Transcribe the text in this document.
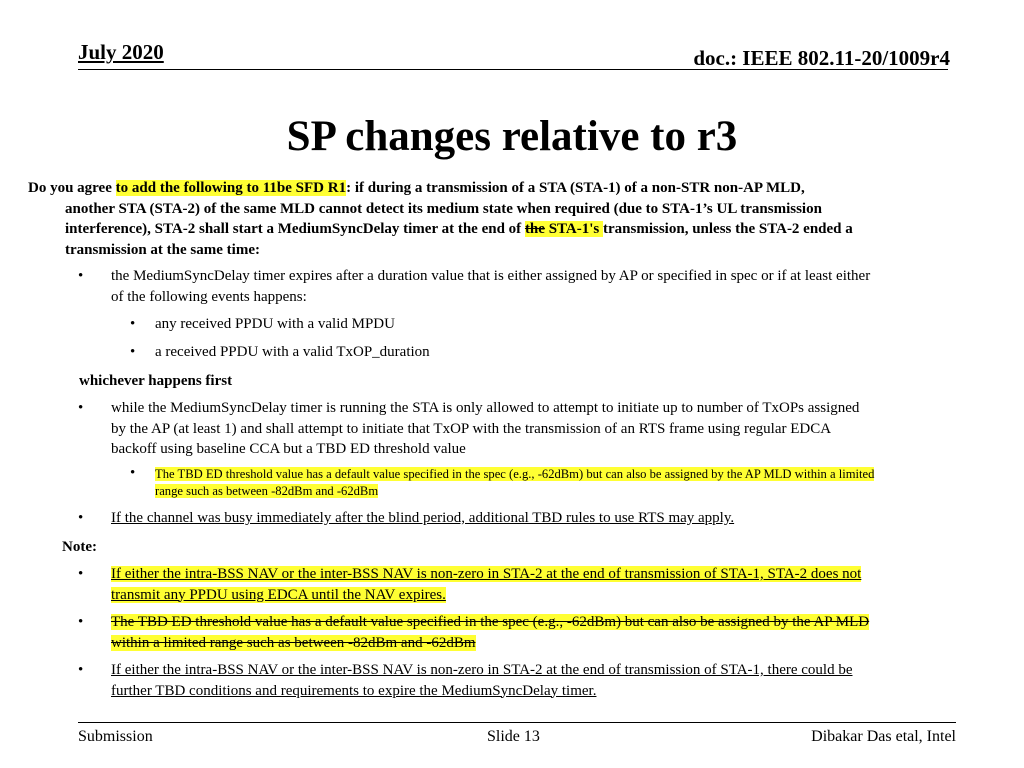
July 2020	doc.: IEEE 802.11-20/1009r4
SP changes relative to r3
Do you agree to add the following to 11be SFD R1: if during a transmission of a STA (STA-1) of a non-STR non-AP MLD,
another STA (STA-2) of the same MLD cannot detect its medium state when required (due to STA-1’s UL transmission
interference), STA-2 shall start a MediumSyncDelay timer at the end of the STA-1's transmission, unless the STA-2 ended a
transmission at the same time:
• the MediumSyncDelay timer expires after a duration value that is either assigned by AP or specified in spec or if at least either
of the following events happens:
• any received PPDU with a valid MPDU
• a received PPDU with a valid TxOP_duration
whichever happens first
• while the MediumSyncDelay timer is running the STA is only allowed to attempt to initiate up to number of TxOPs assigned
by the AP (at least 1) and shall attempt to initiate that TxOP with the transmission of an RTS frame using regular EDCA
backoff using baseline CCA but a TBD ED threshold value
• The TBD ED threshold value has a default value specified in the spec (e.g., -62dBm) but can also be assigned by the AP MLD within a limited
range such as between -82dBm and -62dBm
• If the channel was busy immediately after the blind period, additional TBD rules to use RTS may apply.
Note:
• If either the intra-BSS NAV or the inter-BSS NAV is non-zero in STA-2 at the end of transmission of STA-1, STA-2 does not
transmit any PPDU using EDCA until the NAV expires.
• The TBD ED threshold value has a default value specified in the spec (e.g., -62dBm) but can also be assigned by the AP MLD
within a limited range such as between -82dBm and -62dBm
• If either the intra-BSS NAV or the inter-BSS NAV is non-zero in STA-2 at the end of transmission of STA-1, there could be
further TBD conditions and requirements to expire the MediumSyncDelay timer.
Submission	Slide 13	Dibakar Das etal, Intel
